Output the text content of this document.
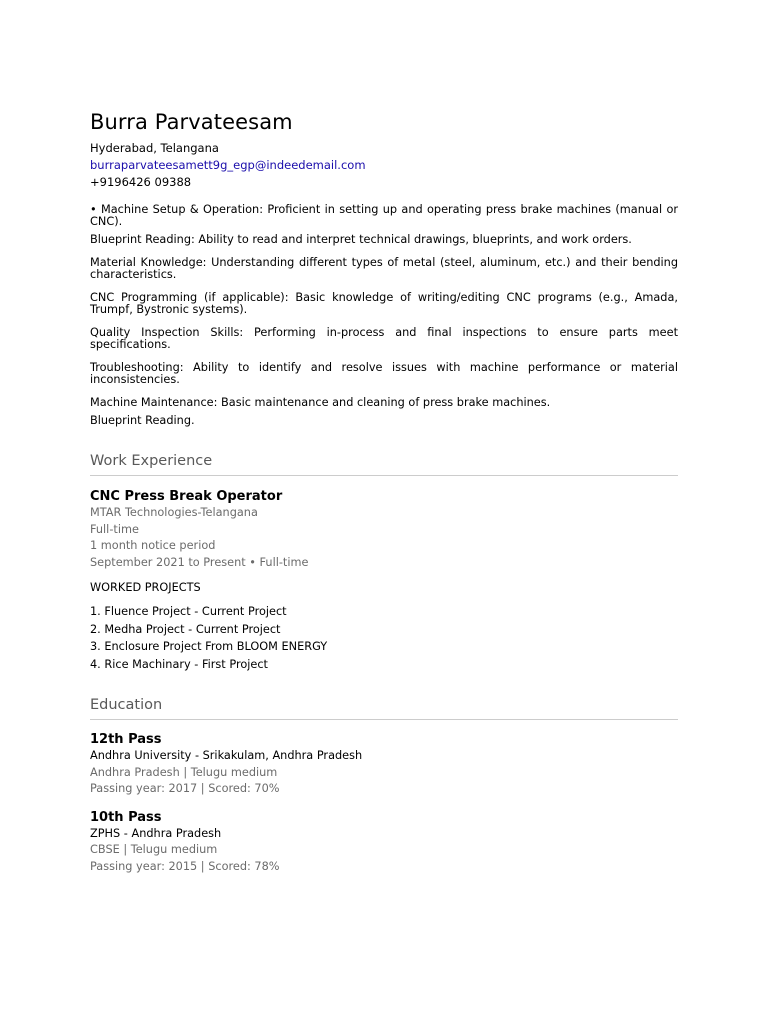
Burra Parvateesam
Hyderabad, Telangana
burraparvateesamett9g_egp@indeedemail.com
+9196426 09388

• Machine Setup & Operation: Proficient in setting up and operating press brake machines (manual or CNC).

Blueprint Reading: Ability to read and interpret technical drawings, blueprints, and work orders.

Material Knowledge: Understanding different types of metal (steel, aluminum, etc.) and their bending characteristics.

CNC Programming (if applicable): Basic knowledge of writing/editing CNC programs (e.g., Amada, Trumpf, Bystronic systems).

Quality Inspection Skills: Performing in-process and final inspections to ensure parts meet specifications.

Troubleshooting: Ability to identify and resolve issues with machine performance or material inconsistencies.

Machine Maintenance: Basic maintenance and cleaning of press brake machines.

Blueprint Reading.

Work Experience
CNC Press Break Operator
MTAR Technologies-Telangana
Full-time
1 month notice period
September 2021 to Present • Full-time
WORKED PROJECTS
1. Fluence Project - Current Project
2. Medha Project - Current Project
3. Enclosure Project From BLOOM ENERGY
4. Rice Machinary - First Project
Education
12th Pass
Andhra University - Srikakulam, Andhra Pradesh
Andhra Pradesh | Telugu medium
Passing year: 2017 | Scored: 70%
10th Pass
ZPHS - Andhra Pradesh
CBSE | Telugu medium
Passing year: 2015 | Scored: 78%
